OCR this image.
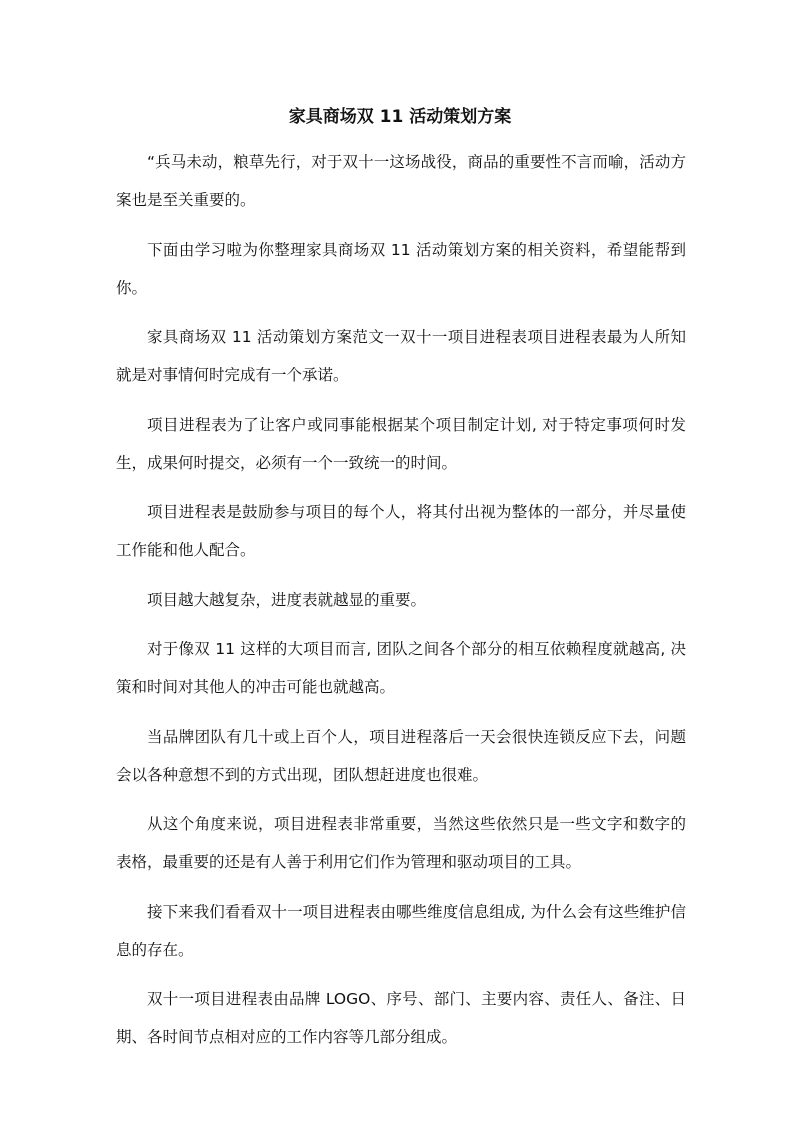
家具商场双 11 活动策划方案

“兵马未动，粮草先行，对于双十一这场战役，商品的重要性不言而喻，活动方案也是至关重要的。

下面由学习啦为你整理家具商场双 11 活动策划方案的相关资料，希望能帮到你。

家具商场双 11 活动策划方案范文一双十一项目进程表项目进程表最为人所知就是对事情何时完成有一个承诺。

项目进程表为了让客户或同事能根据某个项目制定计划, 对于特定事项何时发生，成果何时提交，必须有一个一致统一的时间。

项目进程表是鼓励参与项目的每个人，将其付出视为整体的一部分，并尽量使工作能和他人配合。

项目越大越复杂，进度表就越显的重要。

对于像双 11 这样的大项目而言, 团队之间各个部分的相互依赖程度就越高, 决策和时间对其他人的冲击可能也就越高。

当品牌团队有几十或上百个人，项目进程落后一天会很快连锁反应下去，问题会以各种意想不到的方式出现，团队想赶进度也很难。

从这个角度来说，项目进程表非常重要，当然这些依然只是一些文字和数字的表格，最重要的还是有人善于利用它们作为管理和驱动项目的工具。

接下来我们看看双十一项目进程表由哪些维度信息组成, 为什么会有这些维护信息的存在。

双十一项目进程表由品牌 LOGO、序号、部门、主要内容、责任人、备注、日期、各时间节点相对应的工作内容等几部分组成。
